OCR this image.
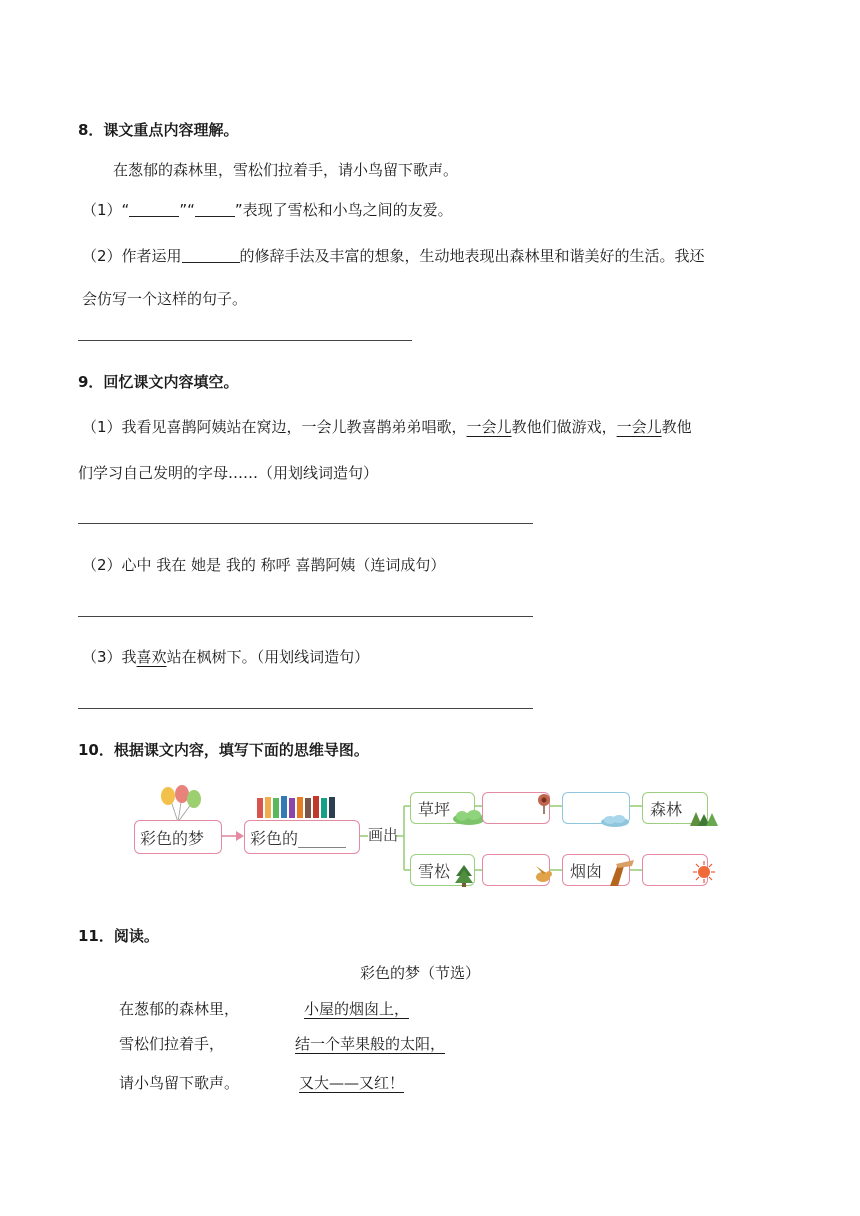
8．课文重点内容理解。
在葱郁的森林里，雪松们拉着手，请小鸟留下歌声。
（1）“	”“	”表现了雪松和小鸟之间的友爱。
（2）作者运用	的修辞手法及丰富的想象，生动地表现出森林里和谐美好的生活。我还
会仿写一个这样的句子。
9．回忆课文内容填空。
（1）我看见喜鹊阿姨站在窝边，一会儿教喜鹊弟弟唱歌，一会儿教他们做游戏，一会儿教他
们学习自己发明的字母……（用划线词造句）
（2）心中 我在 她是 我的 称呼 喜鹊阿姨（连词成句）
（3）我喜欢站在枫树下。（用划线词造句）
10．根据课文内容，填写下面的思维导图。
彩色的梦	彩色的______ 画出
草坪	森林
雪松	烟囱
11．阅读。
彩色的梦（节选）
在葱郁的森林里，
雪松们拉着手，
请小鸟留下歌声。
小屋的烟囱上，
结一个苹果般的太阳，
又大——又红！
